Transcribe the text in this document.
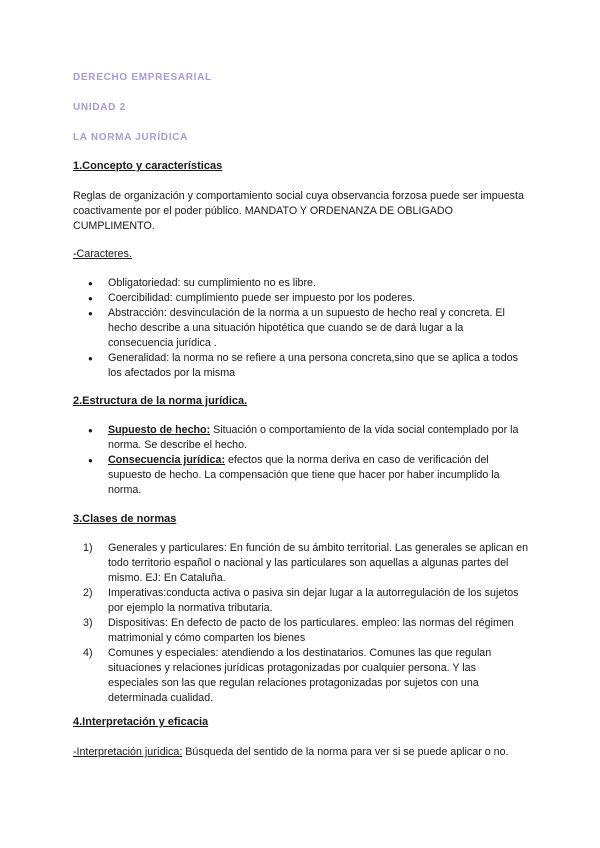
DERECHO EMPRESARIAL
UNIDAD 2
LA NORMA JURÍDICA
1.Concepto y características
Reglas de organización y comportamiento social cuya observancia forzosa puede ser impuesta coactivamente por el poder público. MANDATO Y ORDENANZA DE OBLIGADO CUMPLIMENTO.
-Caracteres.
● Obligatoriedad: su cumplimiento no es libre.
● Coercibilidad: cumplimiento puede ser impuesto por los poderes.
● Abstracción: desvinculación de la norma a un supuesto de hecho real y concreta. El hecho describe a una situación hipotética que cuando se de dará lugar a la consecuencia jurídica .
● Generalidad: la norma no se refiere a una persona concreta,sino que se aplica a todos los afectados por la misma
2.Estructura de la norma jurídica.
● Supuesto de hecho: Situación o comportamiento de la vida social contemplado por la norma. Se describe el hecho.
● Consecuencia jurídica: efectos que la norma deriva en caso de verificación del supuesto de hecho. La compensación que tiene que hacer por haber incumplido la norma.
3.Clases de normas
1) Generales y particulares: En función de su ámbito territorial. Las generales se aplican en todo territorio español o nacional y las particulares son aquellas a algunas partes del mismo. EJ: En Cataluña.
2) Imperativas:conducta activa o pasiva sin dejar lugar a la autorregulación de los sujetos por ejemplo la normativa tributaria.
3) Dispositivas: En defecto de pacto de los particulares. empleo: las normas del régimen matrimonial y cómo comparten los bienes
4) Comunes y especiales: atendiendo a los destinatarios. Comunes las que regulan situaciones y relaciones jurídicas protagonizadas por cualquier persona. Y las especiales son las que regulan relaciones protagonizadas por sujetos con una determinada cualidad.
4.Interpretación y eficacia
-Interpretación jurídica: Búsqueda del sentido de la norma para ver si se puede aplicar o no.
